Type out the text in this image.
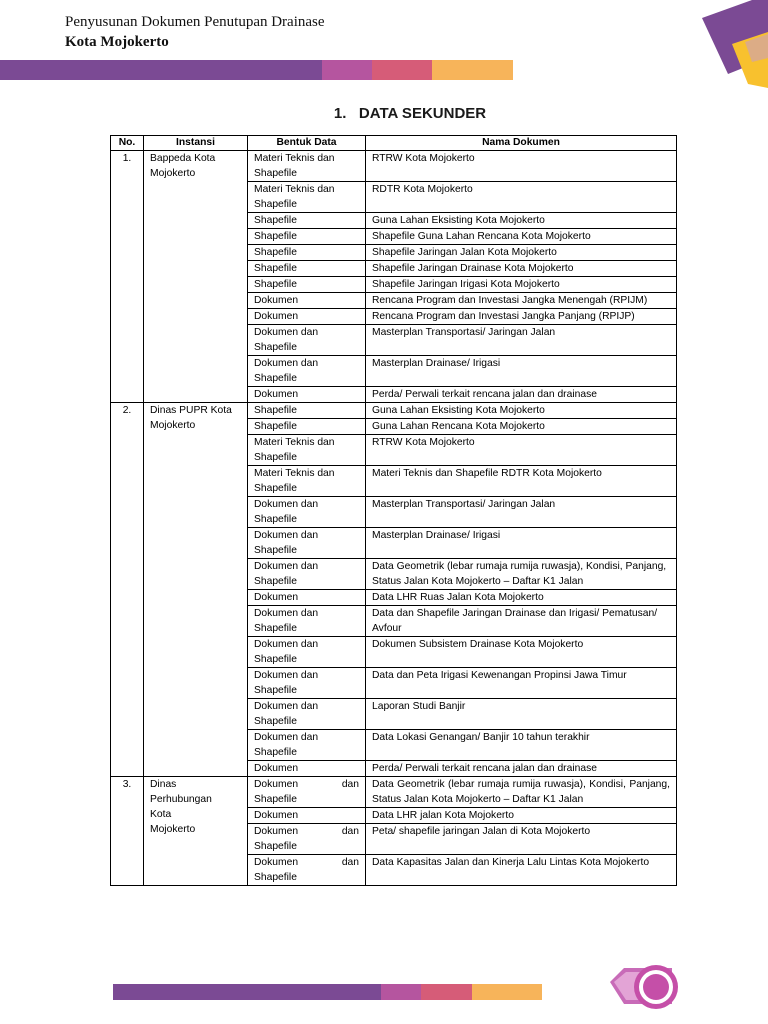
Penyusunan Dokumen Penutupan Drainase
Kota Mojokerto
1. DATA SEKUNDER
No.	Instansi	Bentuk Data	Nama Dokumen
1.	Bappeda Kota Mojokerto	Materi Teknis dan Shapefile	RTRW Kota Mojokerto
		Materi Teknis dan Shapefile	RDTR Kota Mojokerto
		Shapefile	Guna Lahan Eksisting Kota Mojokerto
		Shapefile	Shapefile Guna Lahan Rencana Kota Mojokerto
		Shapefile	Shapefile Jaringan Jalan Kota Mojokerto
		Shapefile	Shapefile Jaringan Drainase Kota Mojokerto
		Shapefile	Shapefile Jaringan Irigasi Kota Mojokerto
		Dokumen	Rencana Program dan Investasi Jangka Menengah (RPIJM)
		Dokumen	Rencana Program dan Investasi Jangka Panjang (RPIJP)
		Dokumen dan Shapefile	Masterplan Transportasi/ Jaringan Jalan
		Dokumen dan Shapefile	Masterplan Drainase/ Irigasi
		Dokumen	Perda/ Perwali terkait rencana jalan dan drainase
2.	Dinas PUPR Kota Mojokerto	Shapefile	Guna Lahan Eksisting Kota Mojokerto
		Shapefile	Guna Lahan Rencana Kota Mojokerto
		Materi Teknis dan Shapefile	RTRW Kota Mojokerto
		Materi Teknis dan Shapefile	Materi Teknis dan Shapefile RDTR Kota Mojokerto
		Dokumen dan Shapefile	Masterplan Transportasi/ Jaringan Jalan
		Dokumen dan Shapefile	Masterplan Drainase/ Irigasi
		Dokumen dan Shapefile	Data Geometrik (lebar rumaja rumija ruwasja), Kondisi, Panjang, Status Jalan Kota Mojokerto – Daftar K1 Jalan
		Dokumen	Data LHR Ruas Jalan Kota Mojokerto
		Dokumen dan Shapefile	Data dan Shapefile Jaringan Drainase dan Irigasi/ Pematusan/ Avfour
		Dokumen dan Shapefile	Dokumen Subsistem Drainase Kota Mojokerto
		Dokumen dan Shapefile	Data dan Peta Irigasi Kewenangan Propinsi Jawa Timur
		Dokumen dan Shapefile	Laporan Studi Banjir
		Dokumen dan Shapefile	Data Lokasi Genangan/ Banjir 10 tahun terakhir
		Dokumen	Perda/ Perwali terkait rencana jalan dan drainase
3.	Dinas Perhubungan Kota Mojokerto	Dokumen dan Shapefile	Data Geometrik (lebar rumaja rumija ruwasja), Kondisi, Panjang, Status Jalan Kota Mojokerto – Daftar K1 Jalan
		Dokumen	Data LHR jalan Kota Mojokerto
		Dokumen dan Shapefile	Peta/ shapefile jaringan Jalan di Kota Mojokerto
		Dokumen dan Shapefile	Data Kapasitas Jalan dan Kinerja Lalu Lintas Kota Mojokerto
